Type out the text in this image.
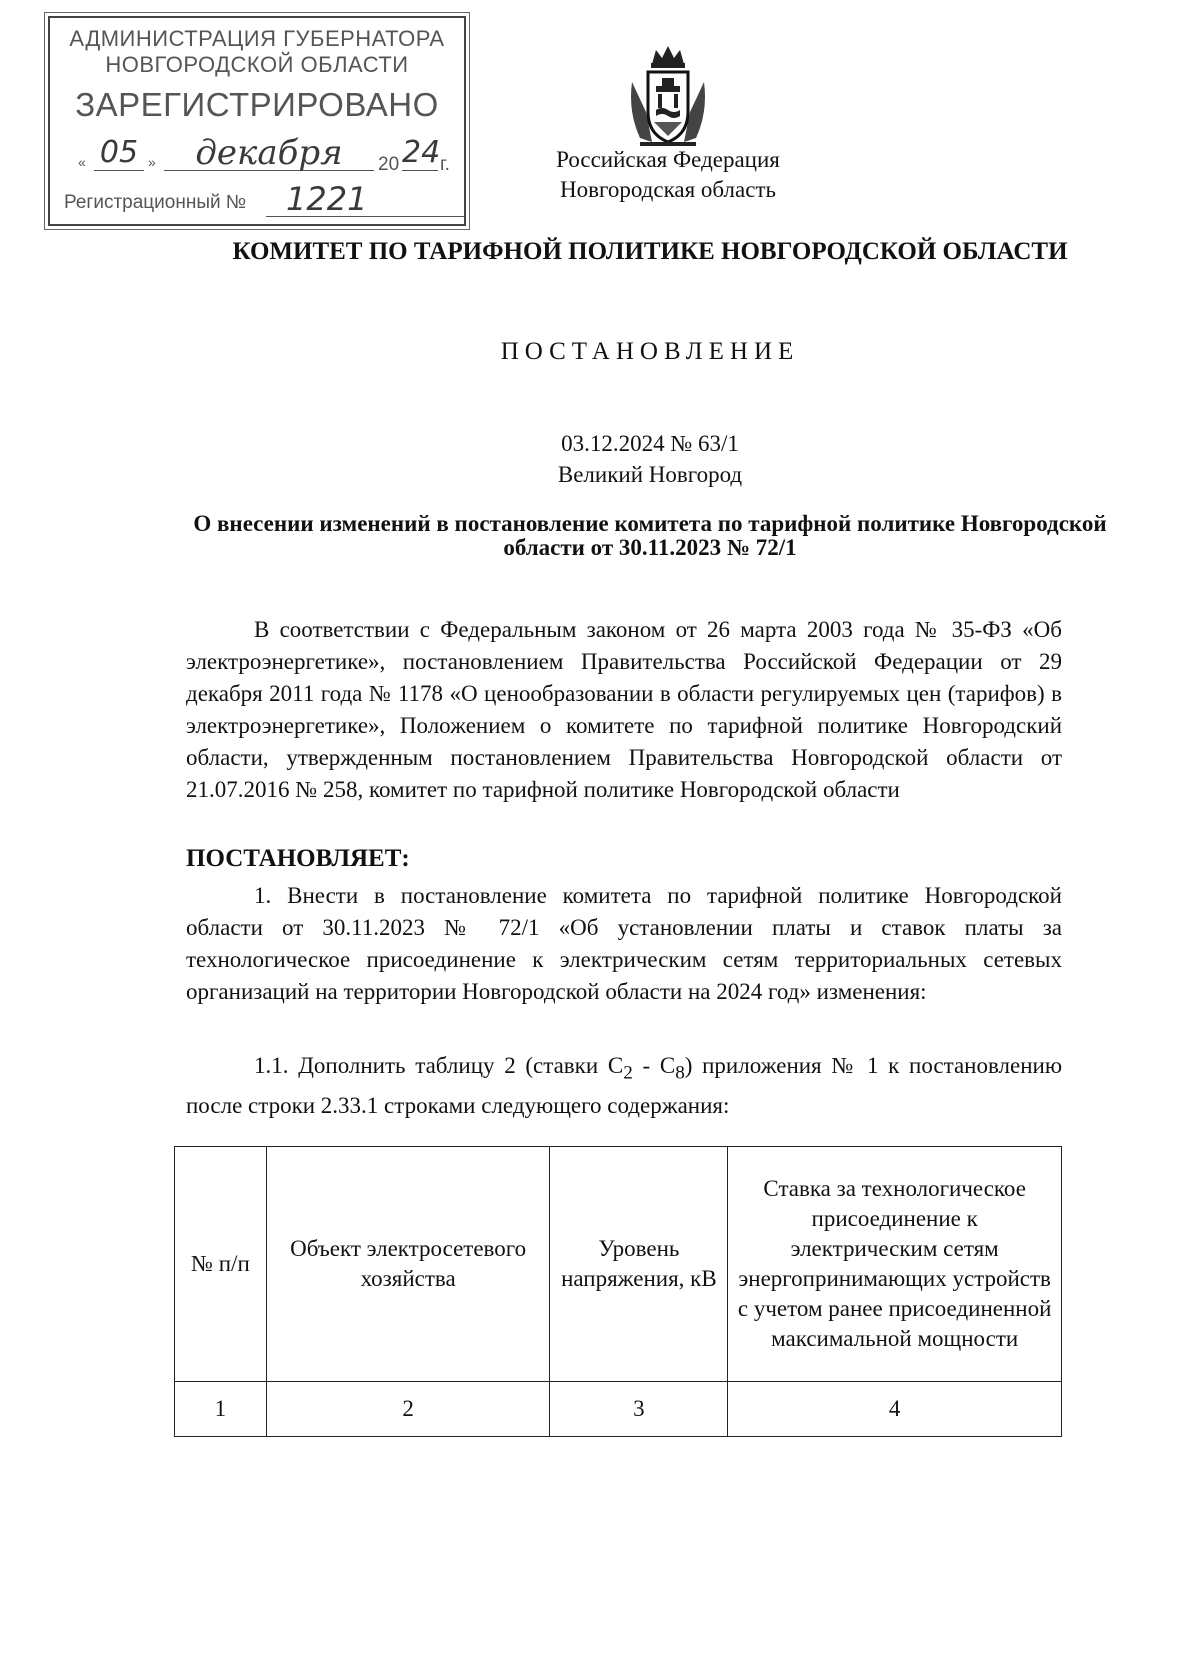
АДМИНИСТРАЦИЯ ГУБЕРНАТОРА
НОВГОРОДСКОЙ ОБЛАСТИ
ЗАРЕГИСТРИРОВАНО
« 05 »	декабря	20 24 г.
Регистрационный №	1221
Российская Федерация
Новгородская область
КОМИТЕТ ПО ТАРИФНОЙ ПОЛИТИКЕ НОВГОРОДСКОЙ ОБЛАСТИ
ПОСТАНОВЛЕНИЕ
03.12.2024 № 63/1
Великий Новгород
О внесении изменений в постановление комитета по тарифной политике Новгородской области от 30.11.2023 № 72/1
В соответствии с Федеральным законом от 26 марта 2003 года № 35-ФЗ «Об электроэнергетике», постановлением Правительства Российской Федерации от 29 декабря 2011 года № 1178 «О ценообразовании в области регулируемых цен (тарифов) в электроэнергетике», Положением о комитете по тарифной политике Новгородский области, утвержденным постановлением Правительства Новгородской области от 21.07.2016 № 258, комитет по тарифной политике Новгородской области
ПОСТАНОВЛЯЕТ:
1. Внести в постановление комитета по тарифной политике Новгородской области от 30.11.2023 № 72/1 «Об установлении платы и ставок платы за технологическое присоединение к электрическим сетям территориальных сетевых организаций на территории Новгородской области на 2024 год» изменения:
1.1. Дополнить таблицу 2 (ставки $С_2 - С_8$) приложения № 1 к постановлению после строки 2.33.1 строками следующего содержания:
№ п/п	Объект электросетевого хозяйства	Уровень напряжения, кВ	Ставка за технологическое присоединение к электрическим сетям энергопринимающих устройств с учетом ранее присоединенной максимальной мощности
1	2	3	4
